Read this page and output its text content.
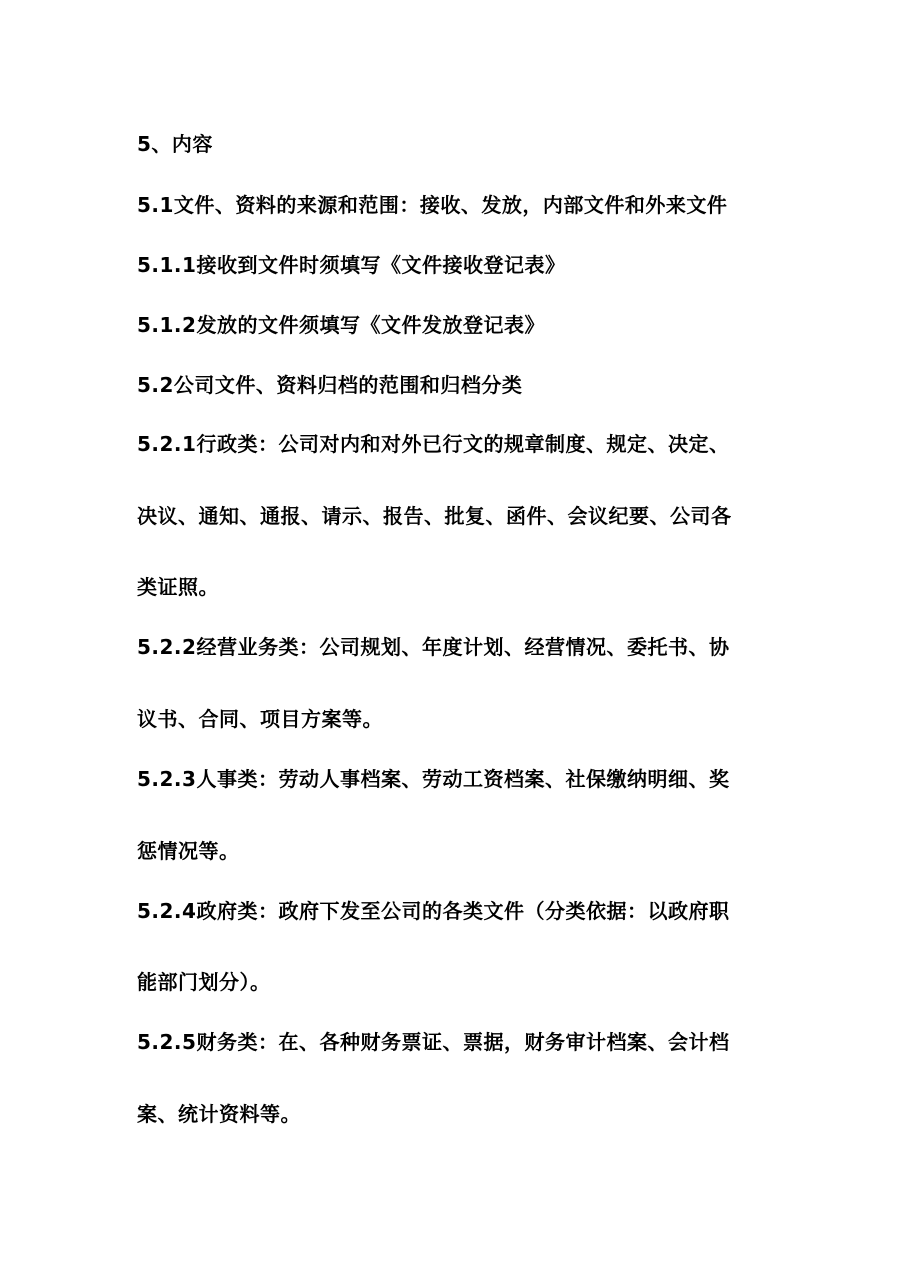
5、内容
5.1文件、资料的来源和范围：接收、发放，内部文件和外来文件
5.1.1接收到文件时须填写《文件接收登记表》
5.1.2发放的文件须填写《文件发放登记表》
5.2公司文件、资料归档的范围和归档分类
5.2.1行政类：公司对内和对外已行文的规章制度、规定、决定、
决议、通知、通报、请示、报告、批复、函件、会议纪要、公司各
类证照。
5.2.2经营业务类：公司规划、年度计划、经营情况、委托书、协
议书、合同、项目方案等。
5.2.3人事类：劳动人事档案、劳动工资档案、社保缴纳明细、奖
惩情况等。
5.2.4政府类：政府下发至公司的各类文件（分类依据：以政府职
能部门划分）。
5.2.5财务类：在、各种财务票证、票据，财务审计档案、会计档
案、统计资料等。
